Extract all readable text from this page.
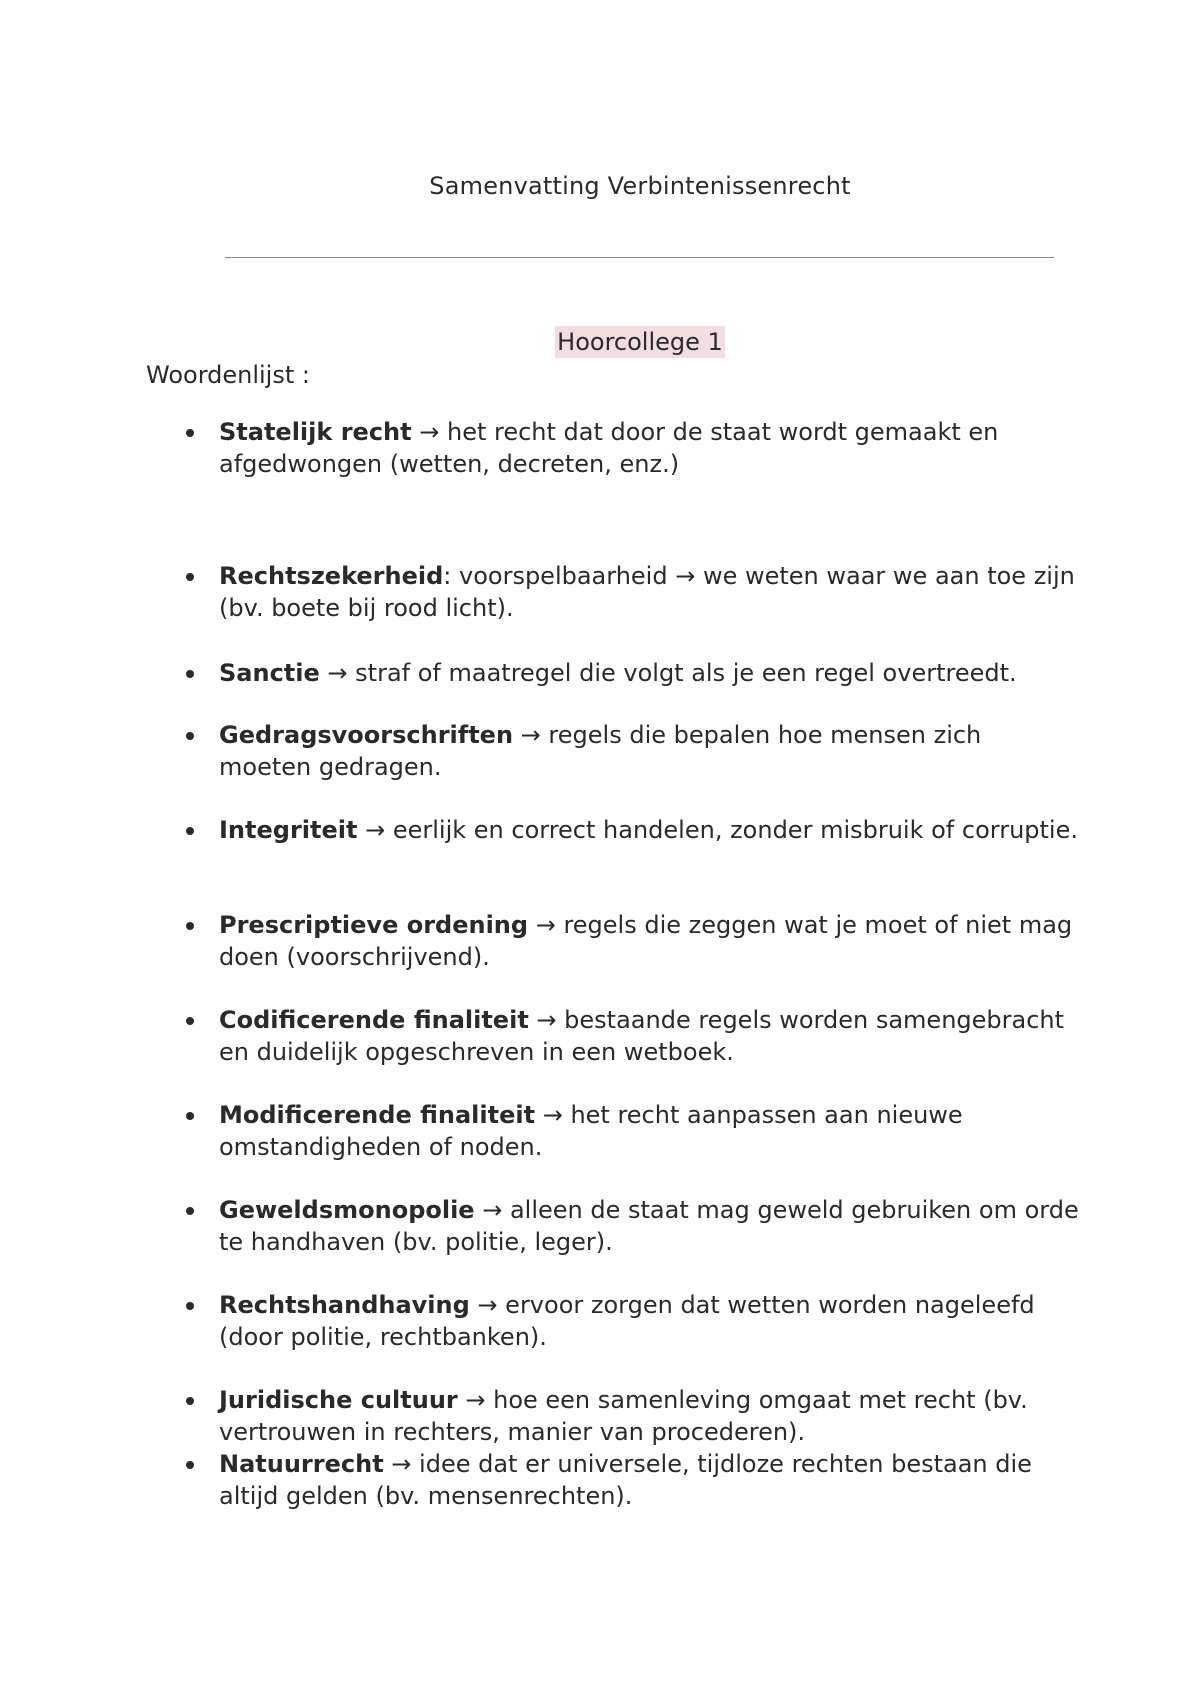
Samenvatting Verbintenissenrecht
Hoorcollege 1
Woordenlijst :
Statelijk recht → het recht dat door de staat wordt gemaakt en afgedwongen (wetten, decreten, enz.)
Rechtszekerheid: voorspelbaarheid → we weten waar we aan toe zijn (bv. boete bij rood licht).
Sanctie → straf of maatregel die volgt als je een regel overtreedt.
Gedragsvoorschriften → regels die bepalen hoe mensen zich moeten gedragen.
Integriteit → eerlijk en correct handelen, zonder misbruik of corruptie.
Prescriptieve ordening → regels die zeggen wat je moet of niet mag doen (voorschrijvend).
Codificerende finaliteit → bestaande regels worden samengebracht en duidelijk opgeschreven in een wetboek.
Modificerende finaliteit → het recht aanpassen aan nieuwe omstandigheden of noden.
Geweldsmonopolie → alleen de staat mag geweld gebruiken om orde te handhaven (bv. politie, leger).
Rechtshandhaving → ervoor zorgen dat wetten worden nageleefd (door politie, rechtbanken).
Juridische cultuur → hoe een samenleving omgaat met recht (bv. vertrouwen in rechters, manier van procederen).
Natuurrecht → idee dat er universele, tijdloze rechten bestaan die altijd gelden (bv. mensenrechten).
